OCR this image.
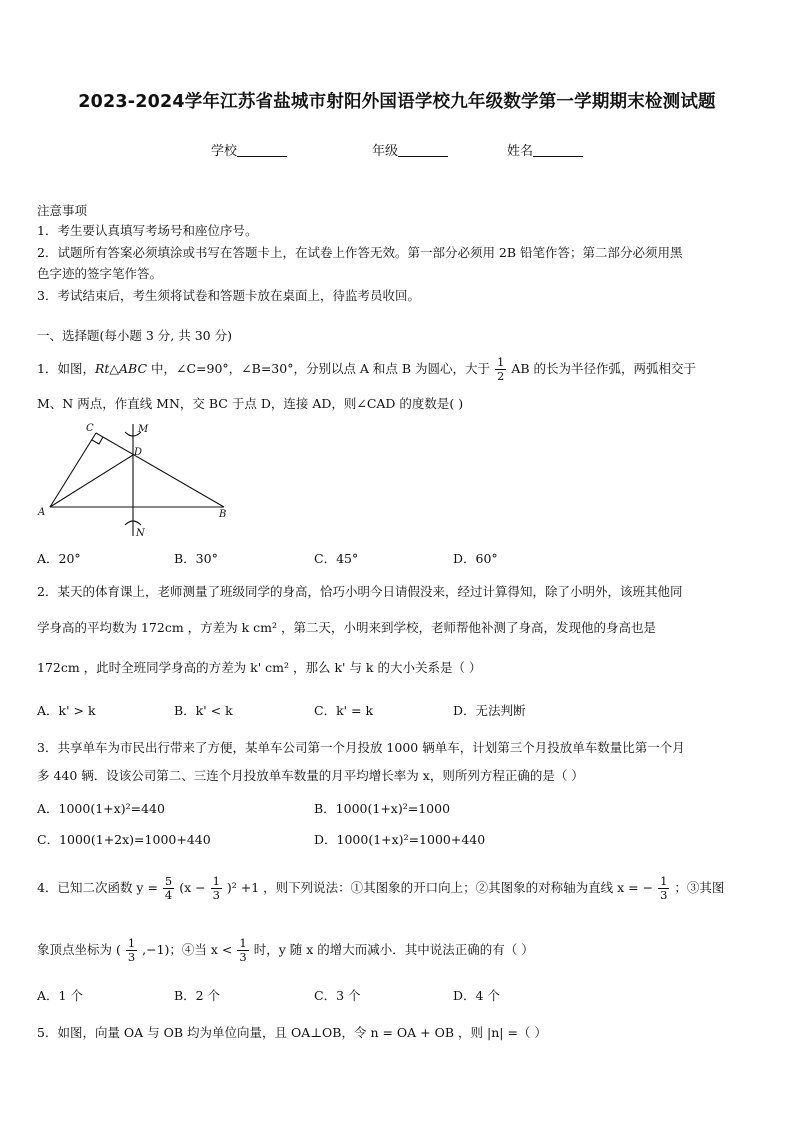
2023-2024学年江苏省盐城市射阳外国语学校九年级数学第一学期期末检测试题
学校	年级	姓名
注意事项
1．考生要认真填写考场号和座位序号。
2．试题所有答案必须填涂或书写在答题卡上，在试卷上作答无效。第一部分必须用 2B 铅笔作答；第二部分必须用黑
色字迹的签字笔作答。
3．考试结束后，考生须将试卷和答题卡放在桌面上，待监考员收回。
一、选择题(每小题 3 分, 共 30 分)
1．如图，Rt△ABC 中，∠C=90°，∠B=30°，分别以点 A 和点 B 为圆心，大于 $\frac{1}{2}$ AB 的长为半径作弧，两弧相交于
M、N 两点，作直线 MN，交 BC 于点 D，连接 AD，则∠CAD 的度数是( )
C	M
D
A	B
N
A．20°	B．30°	C．45°	D．60°
2．某天的体育课上，老师测量了班级同学的身高，恰巧小明今日请假没来，经过计算得知，除了小明外，该班其他同
学身高的平均数为 172cm ，方差为 k cm² ，第二天，小明来到学校，老师帮他补测了身高，发现他的身高也是
172cm ，此时全班同学身高的方差为 k' cm² ，那么 k' 与 k 的大小关系是（ ）
A．k' > k	B．k' < k	C．k' = k	D．无法判断
3．共享单车为市民出行带来了方便，某单车公司第一个月投放 1000 辆单车，计划第三个月投放单车数量比第一个月
多 440 辆．设该公司第二、三连个月投放单车数量的月平均增长率为 x，则所列方程正确的是（ ）
A．1000(1+x)²=440	B．1000(1+x)²=1000
C．1000(1+2x)=1000+440	D．1000(1+x)²=1000+440
4．已知二次函数 $y = \frac{5}{4} (x - \frac{1}{3} )^2 +1$ ，则下列说法：①其图象的开口向上；②其图象的对称轴为直线 x = − $\frac{1}{3}$ ；③其图
象顶点坐标为 ( $\frac{1}{3} ,-1$)；④当 $x < \frac{1}{3}$ 时，y 随 x 的增大而减小．其中说法正确的有（ ）
A．1 个	B．2 个	C．3 个	D．4 个
5．如图，向量 OA 与 OB 均为单位向量，且 OA⊥OB，令 n = OA + OB ，则 |n| =（ ）
